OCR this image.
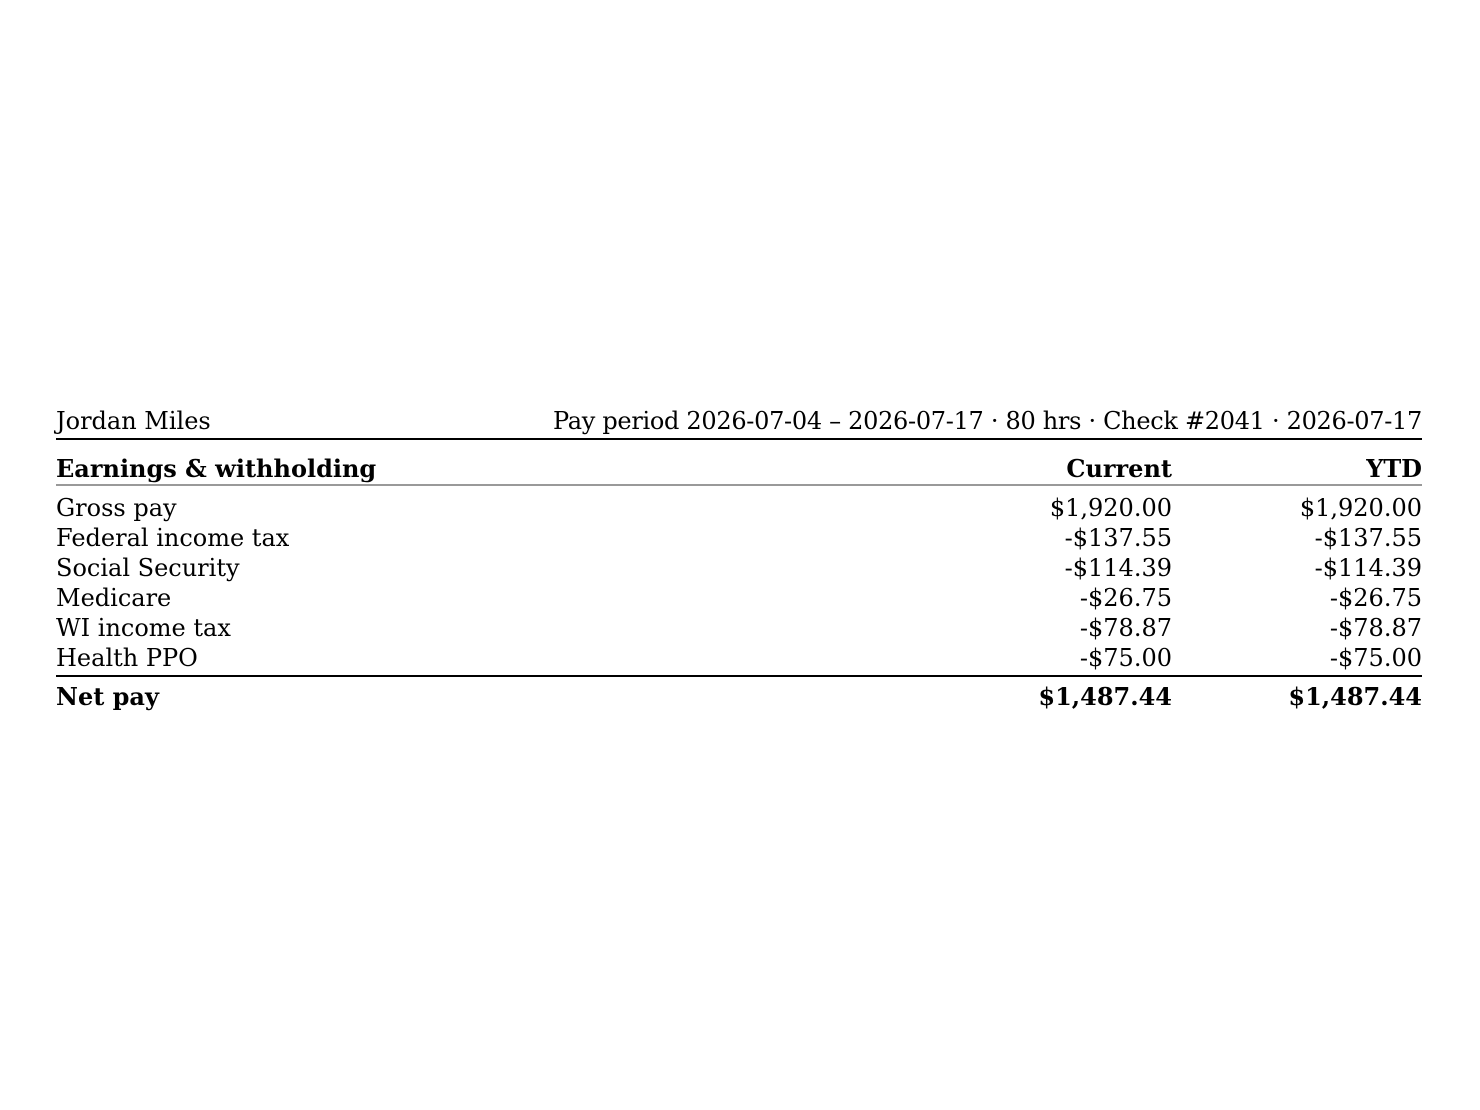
Jordan Miles	Pay period 2026-07-04 – 2026-07-17 · 80 hrs · Check #2041 · 2026-07-17
Earnings & withholding	Current	YTD
Gross pay	$1,920.00	$1,920.00
Federal income tax	-$137.55	-$137.55
Social Security	-$114.39	-$114.39
Medicare	-$26.75	-$26.75
WI income tax	-$78.87	-$78.87
Health PPO	-$75.00	-$75.00
Net pay	$1,487.44	$1,487.44
